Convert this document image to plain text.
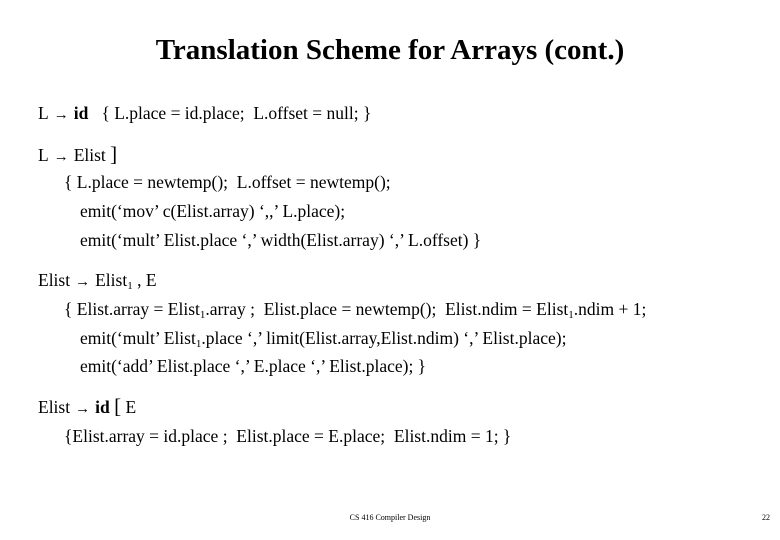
Translation Scheme for Arrays (cont.)
L → id { L.place = id.place;  L.offset = null; }
L → Elist ]
{ L.place = newtemp();  L.offset = newtemp();
emit(‘mov’ c(Elist.array) ‘,,’ L.place);
emit(‘mult’ Elist.place ‘,’ width(Elist.array) ‘,’ L.offset) }
Elist → Elist$_1$ , E
{ Elist.array = Elist$_1$.array ;  Elist.place = newtemp();  Elist.ndim = Elist$_1$.ndim + 1;
emit(‘mult’ Elist$_1$.place ‘,’ limit(Elist.array,Elist.ndim) ‘,’ Elist.place);
emit(‘add’ Elist.place ‘,’ E.place ‘,’ Elist.place); }
Elist → id [ E
{Elist.array = id.place ;  Elist.place = E.place;  Elist.ndim = 1; }
CS 416 Compiler Design	22
